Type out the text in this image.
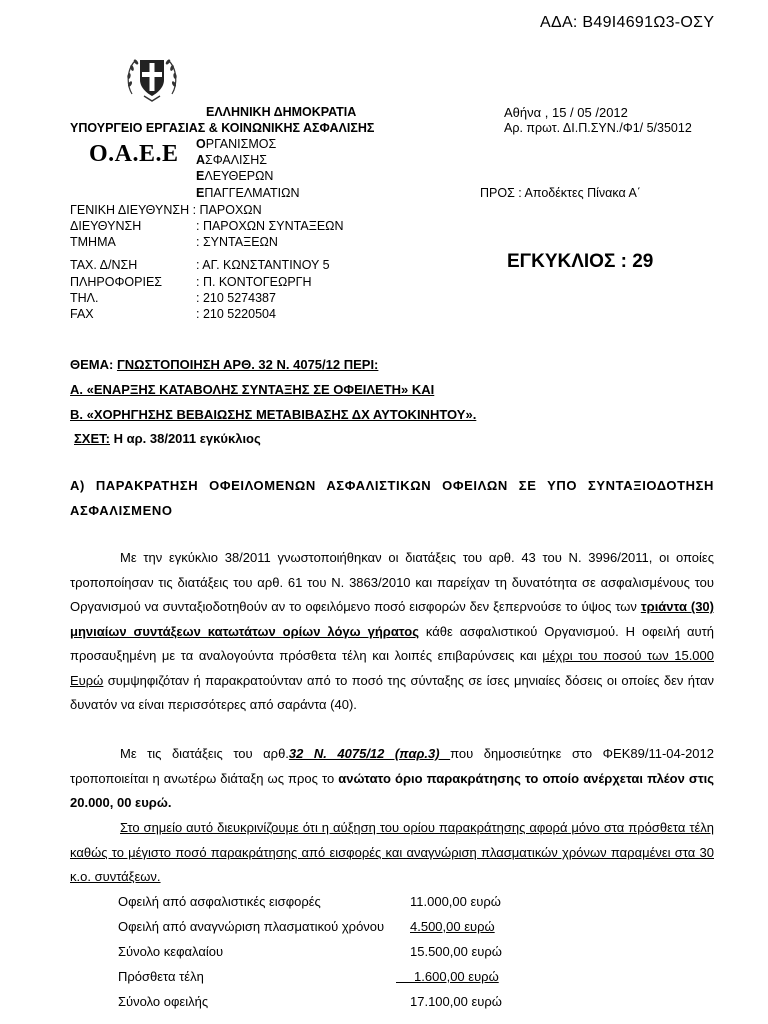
ΑΔΑ: Β49Ι4691Ω3-ΟΣΥ
ΕΛΛΗΝΙΚΗ ΔΗΜΟΚΡΑΤΙΑ
ΥΠΟΥΡΓΕΙΟ ΕΡΓΑΣΙΑΣ & ΚΟΙΝΩΝΙΚΗΣ ΑΣΦΑΛΙΣΗΣ
Αθήνα , 15 / 05 /2012
Αρ. πρωτ. ΔΙ.Π.ΣΥΝ./Φ1/ 5/35012
Ο.Α.Ε.Ε ΟΡΓΑΝΙΣΜΟΣ
ΑΣΦΑΛΙΣΗΣ
ΕΛΕΥΘΕΡΩΝ
ΕΠΑΓΓΕΛΜΑΤΙΩΝ	ΠΡΟΣ : Αποδέκτες Πίνακα Α΄
ΓΕΝΙΚΗ ΔΙΕΥΘΥΝΣΗ : ΠΑΡΟΧΩΝ
ΔΙΕΥΘΥΝΣΗ	: ΠΑΡΟΧΩΝ ΣΥΝΤΑΞΕΩΝ
ΤΜΗΜΑ	: ΣΥΝΤΑΞΕΩΝ
ΤΑΧ. Δ/ΝΣΗ	: ΑΓ. ΚΩΝΣΤΑΝΤΙΝΟΥ 5
ΠΛΗΡΟΦΟΡΙΕΣ	: Π. ΚΟΝΤΟΓΕΩΡΓΗ
ΤΗΛ.	: 210 5274387
FAX	: 210 5220504
ΕΓΚΥΚΛΙΟΣ : 29
ΘΕΜΑ: ΓΝΩΣΤΟΠΟΙΗΣΗ ΑΡΘ. 32 Ν. 4075/12 ΠΕΡΙ:
Α. «ΕΝΑΡΞΗΣ ΚΑΤΑΒΟΛΗΣ ΣΥΝΤΑΞΗΣ ΣΕ ΟΦΕΙΛΕΤΗ» ΚΑΙ
Β. «ΧΟΡΗΓΗΣΗΣ ΒΕΒΑΙΩΣΗΣ ΜΕΤΑΒΙΒΑΣΗΣ ΔΧ ΑΥΤΟΚΙΝΗΤΟΥ».
ΣΧΕΤ: Η αρ. 38/2011 εγκύκλιος
Α) ΠΑΡΑΚΡΑΤΗΣΗ ΟΦΕΙΛΟΜΕΝΩΝ ΑΣΦΑΛΙΣΤΙΚΩΝ ΟΦΕΙΛΩΝ ΣΕ ΥΠΟ ΣΥΝΤΑΞΙΟΔΟΤΗΣΗ ΑΣΦΑΛΙΣΜΕΝΟ

Με την εγκύκλιο 38/2011 γνωστοποιήθηκαν οι διατάξεις του αρθ. 43 του Ν. 3996/2011, οι οποίες τροποποίησαν τις διατάξεις του αρθ. 61 του Ν. 3863/2010 και παρείχαν τη δυνατότητα σε ασφαλισμένους του Οργανισμού να συνταξιοδοτηθούν αν το οφειλόμενο ποσό εισφορών δεν ξεπερνούσε το ύψος των τριάντα (30) μηνιαίων συντάξεων κατωτάτων ορίων λόγω γήρατος κάθε ασφαλιστικού Οργανισμού. Η οφειλή αυτή προσαυξημένη με τα αναλογούντα πρόσθετα τέλη και λοιπές επιβαρύνσεις και μέχρι του ποσού των 15.000 Ευρώ συμψηφιζόταν ή παρακρατούνταν από το ποσό της σύνταξης σε ίσες μηνιαίες δόσεις οι οποίες δεν ήταν δυνατόν να είναι περισσότερες από σαράντα (40).

Με τις διατάξεις του αρθ.32 Ν. 4075/12 (παρ.3) που δημοσιεύτηκε στο ΦΕΚ89/11-04-2012 τροποποιείται η ανωτέρω διάταξη ως προς το ανώτατο όριο παρακράτησης το οποίο ανέρχεται πλέον στις 20.000, 00 ευρώ.

Στο σημείο αυτό διευκρινίζουμε ότι η αύξηση του ορίου παρακράτησης αφορά μόνο στα πρόσθετα τέλη καθώς το μέγιστο ποσό παρακράτησης από εισφορές και αναγνώριση πλασματικών χρόνων παραμένει στα 30 κ.ο. συντάξεων.

Οφειλή από ασφαλιστικές εισφορές	11.000,00 ευρώ
Οφειλή από αναγνώριση πλασματικού χρόνου 4.500,00 ευρώ
Σύνολο κεφαλαίου	15.500,00 ευρώ
Πρόσθετα τέλη	1.600,00 ευρώ
Σύνολο οφειλής	17.100,00 ευρώ
